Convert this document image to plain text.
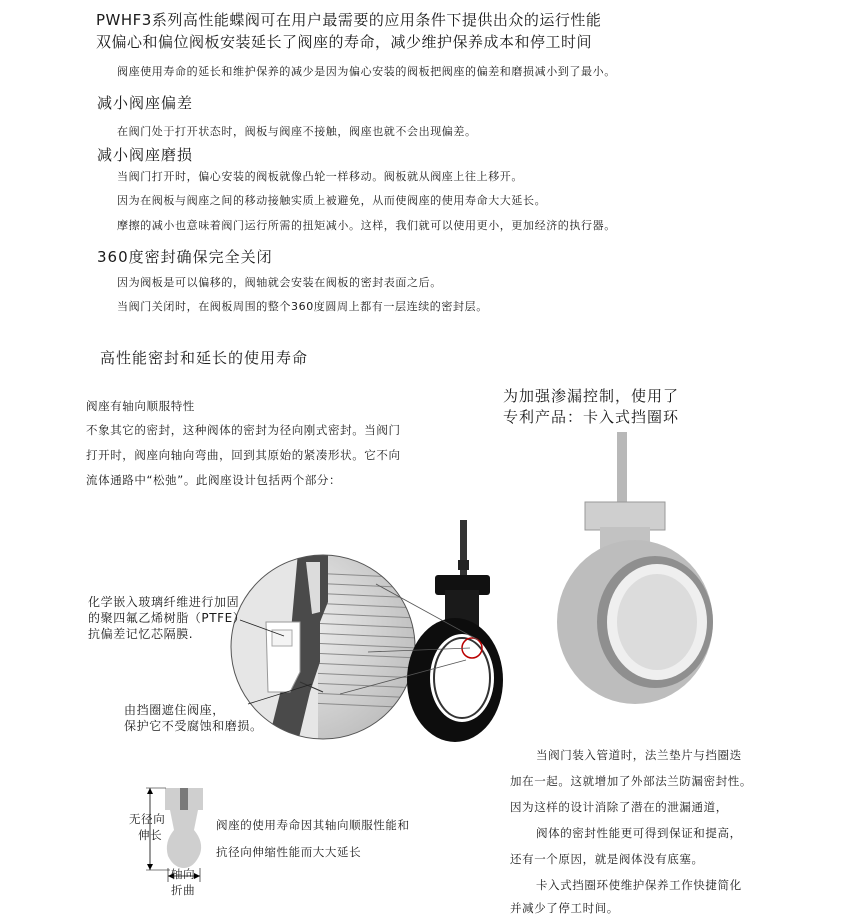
PWHF3系列高性能蝶阀可在用户最需要的应用条件下提供出众的运行性能
双偏心和偏位阀板安装延长了阀座的寿命，减少维护保养成本和停工时间
阀座使用寿命的延长和维护保养的减少是因为偏心安装的阀板把阀座的偏差和磨损减小到了最小。
减小阀座偏差
在阀门处于打开状态时，阀板与阀座不接触，阀座也就不会出现偏差。
减小阀座磨损
当阀门打开时，偏心安装的阀板就像凸轮一样移动。阀板就从阀座上往上移开。
因为在阀板与阀座之间的移动接触实质上被避免，从而使阀座的使用寿命大大延长。
摩擦的减小也意味着阀门运行所需的扭矩减小。这样，我们就可以使用更小，更加经济的执行器。
360度密封确保完全关闭
因为阀板是可以偏移的，阀轴就会安装在阀板的密封表面之后。
当阀门关闭时，在阀板周围的整个360度圆周上都有一层连续的密封层。
高性能密封和延长的使用寿命
阀座有轴向顺服特性
不象其它的密封，这种阀体的密封为径向刚式密封。当阀门
打开时，阀座向轴向弯曲，回到其原始的紧凑形状。它不向
流体通路中“松弛”。此阀座设计包括两个部分：
为加强渗漏控制，使用了
专利产品：卡入式挡圈环
化学嵌入玻璃纤维进行加固
的聚四氟乙烯树脂（PTFE）
抗偏差记忆芯隔膜.
由挡圈遮住阀座，
保护它不受腐蚀和磨损。
无径向
伸长
轴向
折曲
阀座的使用寿命因其轴向顺服性能和
抗径向伸缩性能而大大延长
当阀门装入管道时，法兰垫片与挡圈迭
加在一起。这就增加了外部法兰防漏密封性。
因为这样的设计消除了潜在的泄漏通道，
阀体的密封性能更可得到保证和提高，
还有一个原因，就是阀体没有底塞。
卡入式挡圈环使维护保养工作快捷简化
并减少了停工时间。
